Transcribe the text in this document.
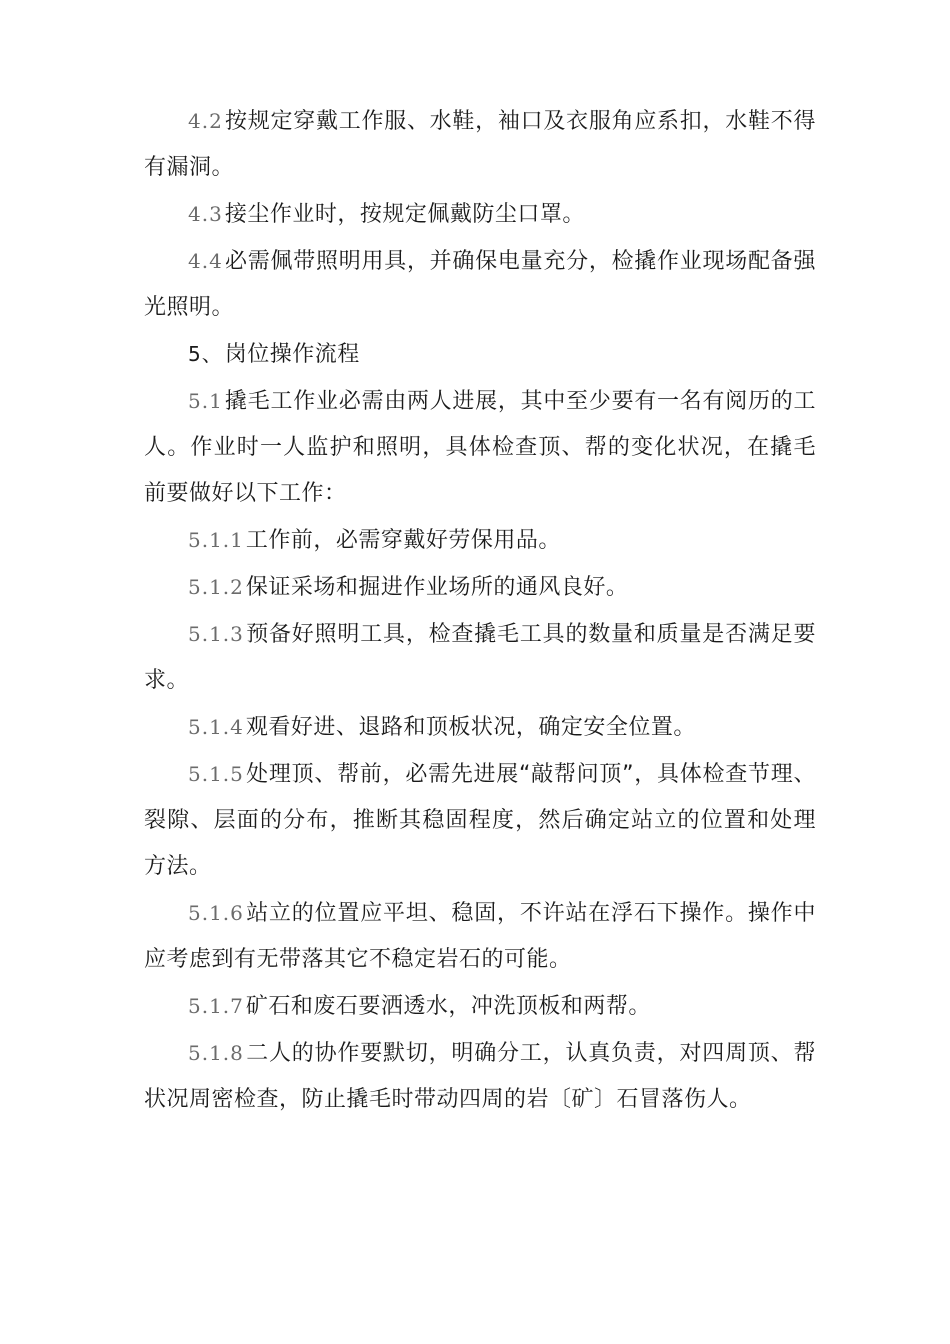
4.2按规定穿戴工作服、水鞋，袖口及衣服角应系扣，水鞋不得有漏洞。

4.3接尘作业时，按规定佩戴防尘口罩。

4.4必需佩带照明用具，并确保电量充分，检撬作业现场配备强光照明。

5、岗位操作流程

5.1撬毛工作业必需由两人进展，其中至少要有一名有阅历的工人。作业时一人监护和照明，具体检查顶、帮的变化状况，在撬毛前要做好以下工作：

5.1.1工作前，必需穿戴好劳保用品。

5.1.2保证采场和掘进作业场所的通风良好。

5.1.3预备好照明工具，检查撬毛工具的数量和质量是否满足要求。

5.1.4观看好进、退路和顶板状况，确定安全位置。

5.1.5处理顶、帮前，必需先进展“敲帮问顶”，具体检查节理、裂隙、层面的分布，推断其稳固程度，然后确定站立的位置和处理方法。

5.1.6站立的位置应平坦、稳固，不许站在浮石下操作。操作中应考虑到有无带落其它不稳定岩石的可能。

5.1.7矿石和废石要洒透水，冲洗顶板和两帮。

5.1.8二人的协作要默切，明确分工，认真负责，对四周顶、帮状况周密检查，防止撬毛时带动四周的岩〔矿〕石冒落伤人。
